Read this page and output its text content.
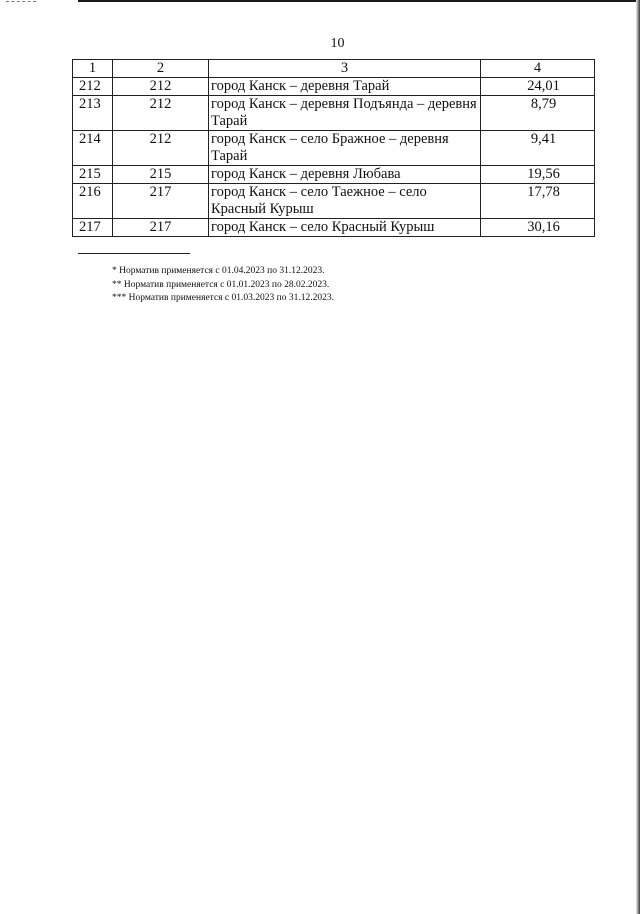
10
1	2	3	4
212	212	город Канск – деревня Тарай	24,01
213	212	город Канск – деревня Подъянда – деревня Тарай	8,79
214	212	город Канск – село Бражное – деревня Тарай	9,41
215	215	город Канск – деревня Любава	19,56
216	217	город Канск – село Таежное – село Красный Курыш	17,78
217	217	город Канск – село Красный Курыш	30,16
* Норматив применяется с 01.04.2023 по 31.12.2023.
** Норматив применяется с 01.01.2023 по 28.02.2023.
*** Норматив применяется с 01.03.2023 по 31.12.2023.
